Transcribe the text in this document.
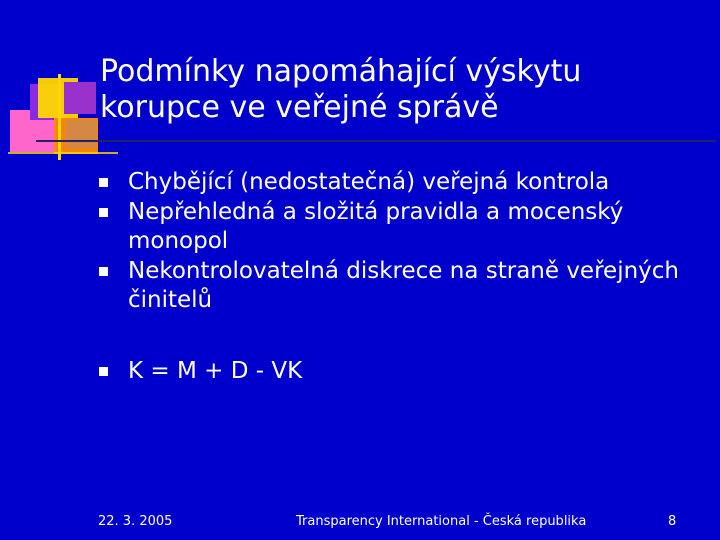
Podmínky napomáhající výskytu korupce ve veřejné správě
Chybějící (nedostatečná) veřejná kontrola
Nepřehledná a složitá pravidla a mocenský monopol
Nekontrolovatelná diskrece na straně veřejných činitelů
K = M + D - VK
22. 3. 2005	Transparency International - Česká republika	8
